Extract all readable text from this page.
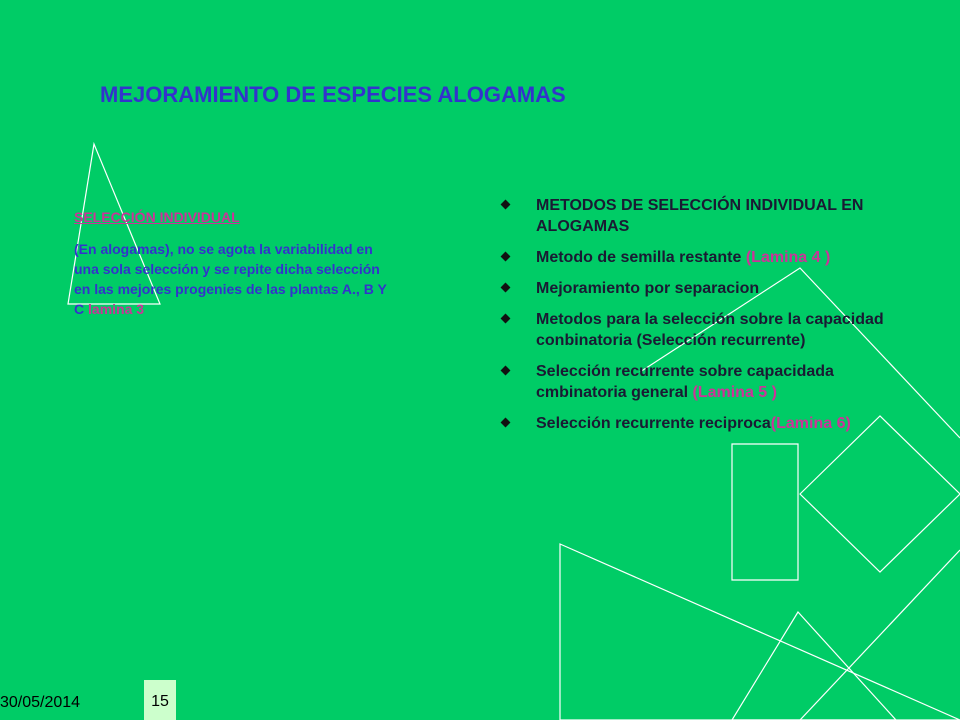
MEJORAMIENTO DE ESPECIES ALOGAMAS
SELECCIÓN INDIVIDUAL
(En alogamas), no se agota la variabilidad en una sola selección y se repite dicha selección en las mejores progenies de las plantas A., B Y C lamina 3
METODOS DE SELECCIÓN INDIVIDUAL EN ALOGAMAS
Metodo de semilla restante (Lamina 4 )
Mejoramiento por separacion
Metodos para la selección sobre la capacidad conbinatoria (Selección recurrente)
Selección recurrente sobre capacidada cmbinatoria general (Lamina 5 )
Selección recurrente reciproca(Lamina 6)
30/05/2014	15
